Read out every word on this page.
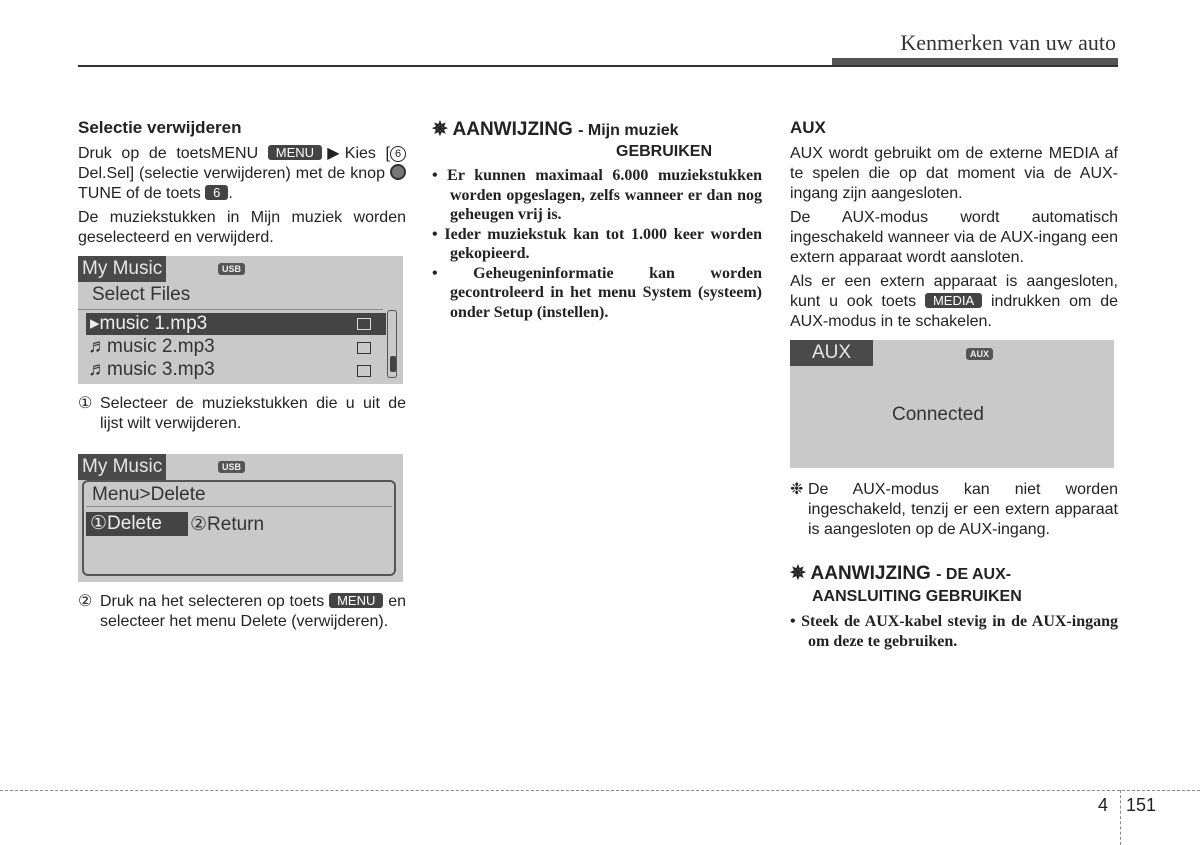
Kenmerken van uw auto
Selectie verwijderen

Druk op de toetsMENU MENU ▶Kies [ 6Del.Sel] (selectie verwijderen) met de knop  TUNE of de toets 6 .

De muziekstukken in Mijn muziek worden geselecteerd en verwijderd.

My Music	USB
Select Files
▸music 1.mp3
♬music 2.mp3
♬music 3.mp3
① Selecteer de muziekstukken die u uit de lijst wilt verwijderen.
My Music	USB
Menu>Delete
①Delete	②Return
② Druk na het selecteren op toets MENU en selecteer het menu Delete (verwijderen).
✵ AANWIJZING - Mijn muziek
GEBRUIKEN
• Er kunnen maximaal 6.000 muziekstukken worden opgeslagen, zelfs wanneer er dan nog geheugen vrij is.
• Ieder muziekstuk kan tot 1.000 keer worden gekopieerd.
• Geheugeninformatie kan worden gecontroleerd in het menu System (systeem) onder Setup (instellen).
AUX

AUX wordt gebruikt om de externe MEDIA af te spelen die op dat moment via de AUX-ingang zijn aangesloten.

De AUX-modus wordt automatisch ingeschakeld wanneer via de AUX-ingang een extern apparaat wordt aansloten.

Als er een extern apparaat is aangesloten, kunt u ook toets MEDIA indrukken om de AUX-modus in te schakelen.

AUX	AUX
Connected
❉ De AUX-modus kan niet worden ingeschakeld, tenzij er een extern apparaat is aangesloten op de AUX-ingang.
✵ AANWIJZING - DE AUX-
AANSLUITING GEBRUIKEN
• Steek de AUX-kabel stevig in de AUX-ingang om deze te gebruiken.
4 151
